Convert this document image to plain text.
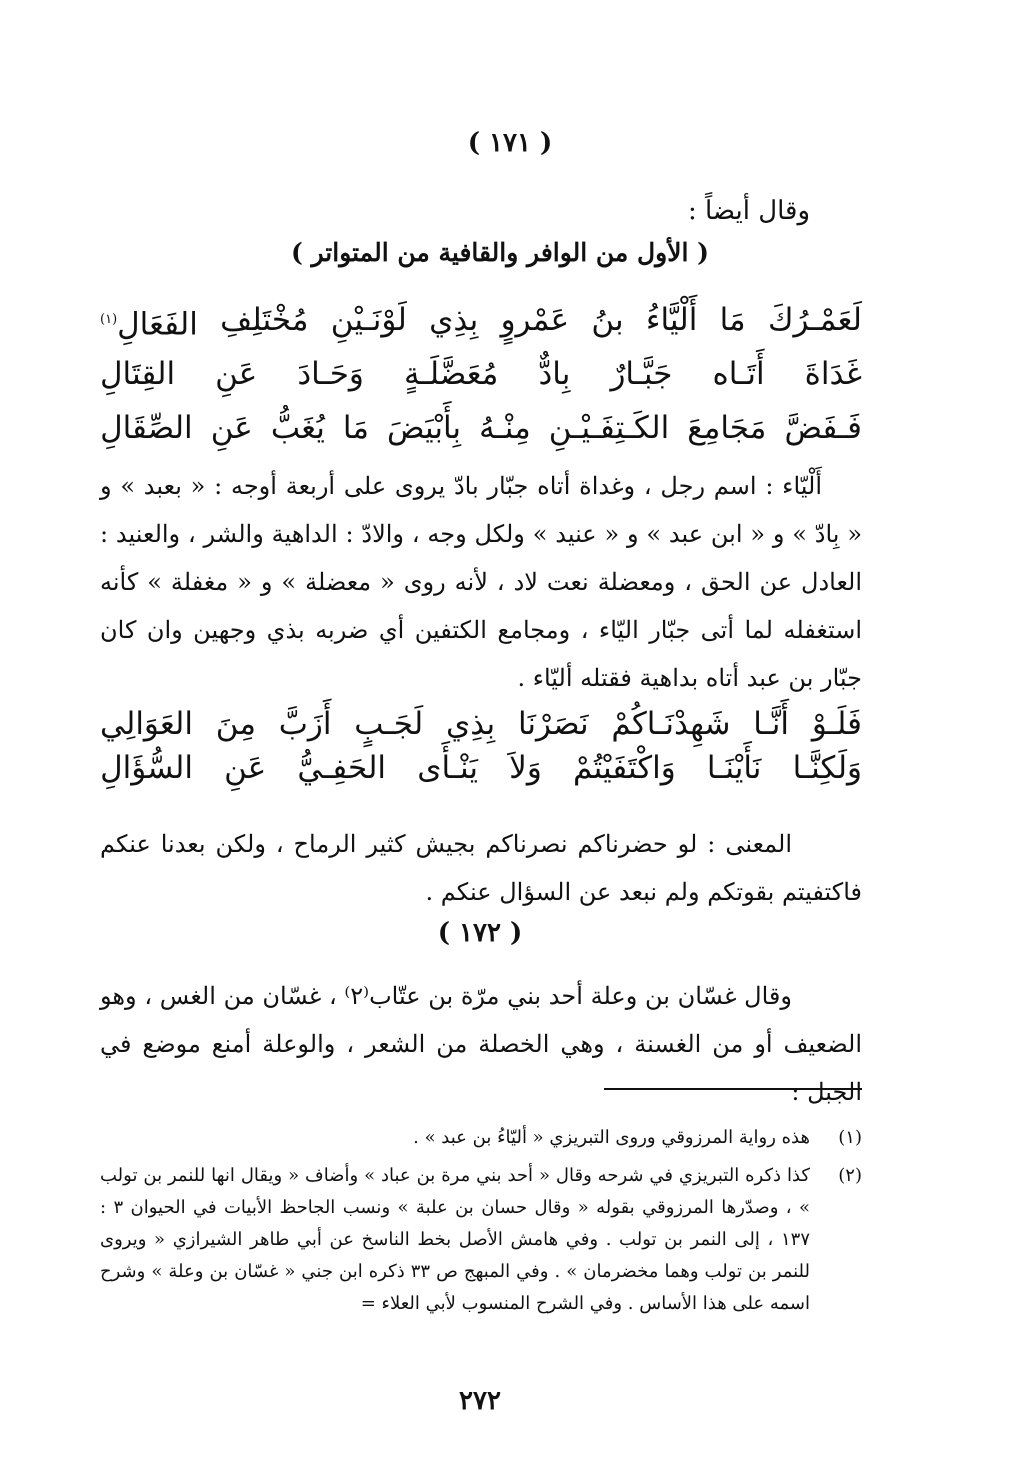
( ١٧١ )
وقال أيضاً :
( الأول من الوافر والقافية من المتواتر )
لَعَمْـرُكَ
مَا
أَلْيَّاءُ
بنُ
عَمْروٍ
بِذِي
لَوْنَـيْنِ
مُخْتَلِفِ
الفَعَالِ$^{(١)}$
غَدَاةَ
أَتَـاه
جَبَّـارٌ
بِادٌّ
مُعَضَّلَـةٍ
وَحَـادَ
عَنِ
القِتَالِ
فَـفَضَّ
مَجَامِعَ
الكَـتِفَـيْـنِ
مِنْـهُ
بِأَبْيَضَ
مَا
يُغَبُّ
عَنِ
الصِّقَالِ
أَلْيّاء : اسم رجل ، وغداة أتاه جبّار بادّ يروى على أربعة أوجه : « بعبد » و « بِادّ » و « ابن عبد » و « عنيد » ولكل وجه ، والادّ : الداهية والشر ، والعنيد : العادل عن الحق ، ومعضلة نعت لاد ، لأنه روى « معضلة » و « مغفلة » كأنه استغفله لما أتى جبّار اليّاء ، ومجامع الكتفين أي ضربه بذي وجهين وان كان جبّار بن عبد أتاه بداهية فقتله أليّاء .
فَلَـوْ
أَنَّـا
شَهِدْنَـاكُمْ
نَصَرْنَا
بِذِي
لَجَـبٍ
أَزَبَّ
مِنَ
العَوَالِي
وَلَكِنَّـا
نَأَيْنَـا
وَاكْتَفَيْتُمْ
وَلاَ
يَنْـأَى
الحَفِـيُّ
عَنِ
السُّؤَالِ
المعنى : لو حضرناكم نصرناكم بجيش كثير الرماح ، ولكن بعدنا عنكم فاكتفيتم بقوتكم ولم نبعد عن السؤال عنكم .
( ١٧٢ )
وقال غسّان بن وعلة أحد بني مرّة بن عتّاب⁽٢⁾ ، غسّان من الغس ، وهو الضعيف أو من الغسنة ، وهي الخصلة من الشعر ، والوعلة أمنع موضع في الجبل :
(١)
هذه رواية المرزوقي وروى التبريزي « أليّاءُ بن عبد » .
(٢)
كذا ذكره التبريزي في شرحه وقال « أحد بني مرة بن عباد » وأضاف « ويقال انها للنمر بن تولب » ، وصدّرها المرزوقي بقوله « وقال حسان بن علبة » ونسب الجاحظ الأبيات في الحيوان ٣ : ١٣٧ ، إلى النمر بن تولب . وفي هامش الأصل بخط الناسخ عن أبي طاهر الشيرازي « ويروى للنمر بن تولب وهما مخضرمان » . وفي المبهج ص ٣٣ ذكره ابن جني « غسّان بن وعلة » وشرح اسمه على هذا الأساس . وفي الشرح المنسوب لأبي العلاء =
٢٧٢
